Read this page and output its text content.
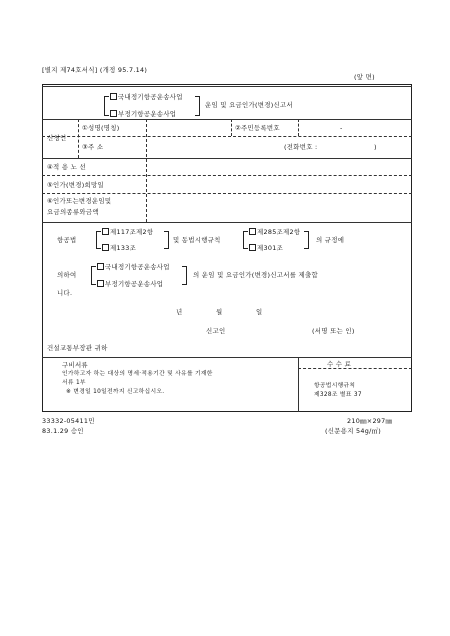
[별지 제74호서식] (개정 95.7.14)
(앞 면)
국내정기항공운송사업
부정기항공운송사업
운임 및 요금인가(변경)신고서
신청인
①성명(명칭)	②주민등록번호	-
③주 소	(전화번호 :	)
④적 용 노 선
⑤인가(변경)희망일
⑥인가또는변경운임및
요금의종류와금액
항공법
제117조제2항
제133조
및 동법시행규칙
제285조제2항
제301조
의 규정에
의하여
국내정기항공운송사업
부정기항공운송사업
의 운임 및 요금인가(변경)신고서를 제출합
니다.
년	월	일
신고인	(서명 또는 인)
건설교통부장관 귀하
구비서류
인가하고자 하는 대상의 명세·적용기간 및 사유를 기재한
서류 1부
※ 변경일 10일전까지 신고하십시오.
수 수 료
항공법시행규칙
제328조 별표 37
33332-05411민
83.1.29 승인
210㎜×297㎜
(신문용지 54g/㎡)
